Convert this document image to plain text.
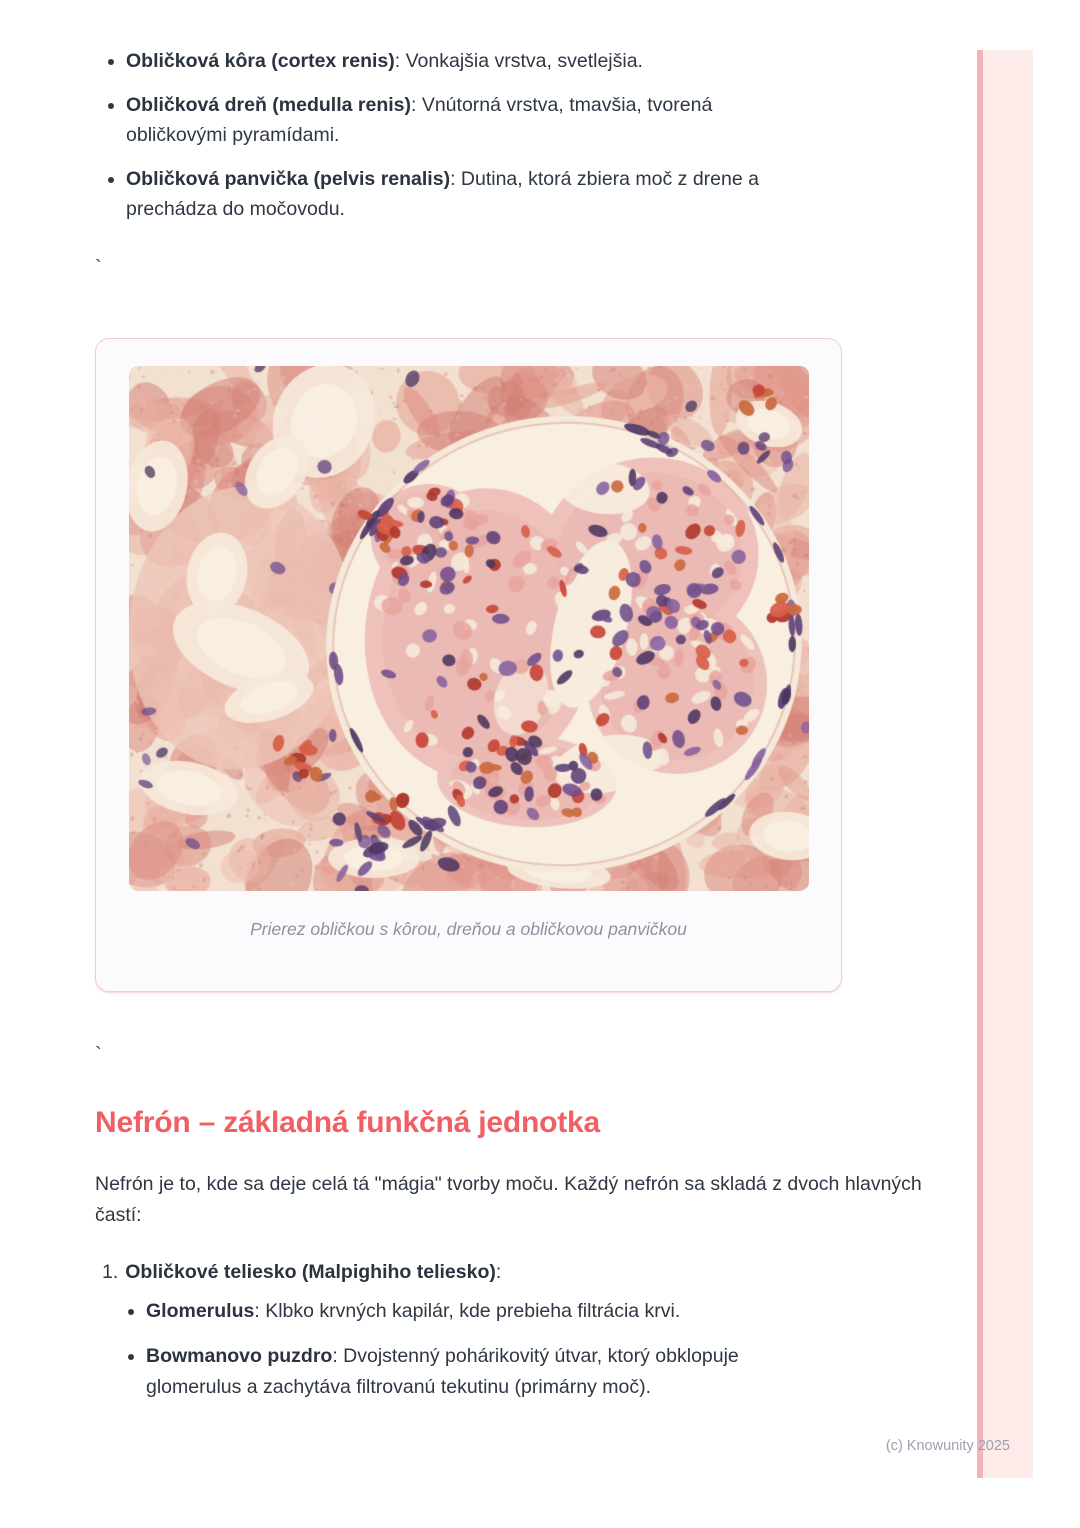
• Obličková kôra (cortex renis): Vonkajšia vrstva, svetlejšia.
• Obličková dreň (medulla renis): Vnútorná vrstva, tmavšia, tvorená obličkovými pyramídami.
• Obličková panvička (pelvis renalis): Dutina, ktorá zbiera moč z drene a prechádza do močovodu.
`
Prierez obličkou s kôrou, dreňou a obličkovou panvičkou
`
Nefrón – základná funkčná jednotka

Nefrón je to, kde sa deje celá tá "mágia" tvorby moču. Každý nefrón sa skladá z dvoch hlavných častí:

1. Obličkové teliesko (Malpighiho teliesko):
• Glomerulus: Klbko krvných kapilár, kde prebieha filtrácia krvi.
• Bowmanovo puzdro: Dvojstenný pohárikovitý útvar, ktorý obklopuje glomerulus a zachytáva filtrovanú tekutinu (primárny moč).
(c) Knowunity 2025
